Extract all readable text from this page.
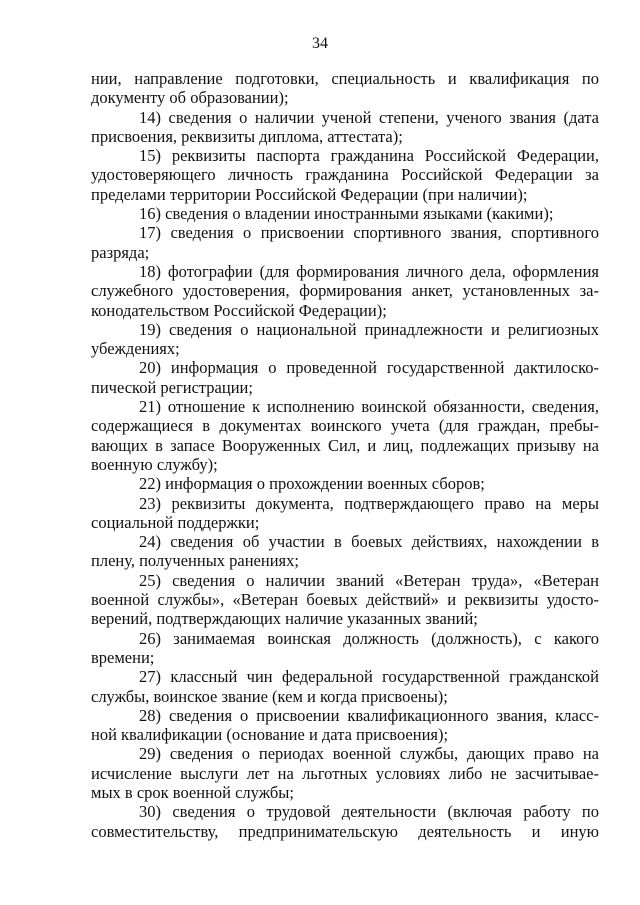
34
нии, направление подготовки, специальность и квалификация по
документу об образовании);
14) сведения о наличии ученой степени, ученого звания (дата
присвоения, реквизиты диплома, аттестата);
15) реквизиты паспорта гражданина Российской Федерации,
удостоверяющего личность гражданина Российской Федерации за
пределами территории Российской Федерации (при наличии);
16) сведения о владении иностранными языками (какими);
17) сведения о присвоении спортивного звания, спортивного
разряда;
18) фотографии (для формирования личного дела, оформления
служебного удостоверения, формирования анкет, установленных за-
конодательством Российской Федерации);
19) сведения о национальной принадлежности и религиозных
убеждениях;
20) информация о проведенной государственной дактилоско-
пической регистрации;
21) отношение к исполнению воинской обязанности, сведения,
содержащиеся в документах воинского учета (для граждан, пребы-
вающих в запасе Вооруженных Сил, и лиц, подлежащих призыву на
военную службу);
22) информация о прохождении военных сборов;
23) реквизиты документа, подтверждающего право на меры
социальной поддержки;
24) сведения об участии в боевых действиях, нахождении в
плену, полученных ранениях;
25) сведения о наличии званий «Ветеран труда», «Ветеран
военной службы», «Ветеран боевых действий» и реквизиты удосто-
верений, подтверждающих наличие указанных званий;
26) занимаемая воинская должность (должность), с какого
времени;
27) классный чин федеральной государственной гражданской
службы, воинское звание (кем и когда присвоены);
28) сведения о присвоении квалификационного звания, класс-
ной квалификации (основание и дата присвоения);
29) сведения о периодах военной службы, дающих право на
исчисление выслуги лет на льготных условиях либо не засчитывае-
мых в срок военной службы;
30) сведения о трудовой деятельности (включая работу по
совместительству, предпринимательскую деятельность и иную
